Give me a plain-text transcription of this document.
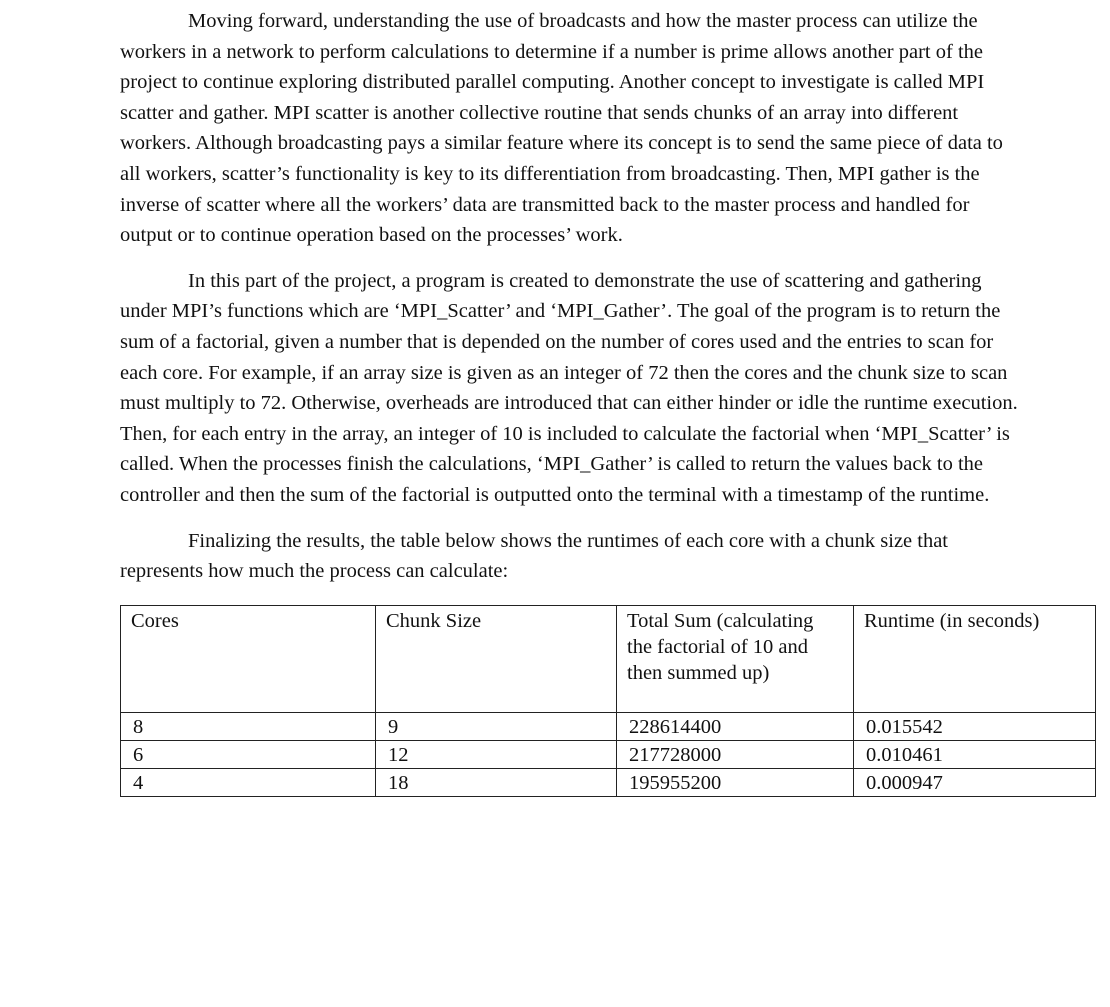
Moving forward, understanding the use of broadcasts and how the master process can utilize the workers in a network to perform calculations to determine if a number is prime allows another part of the project to continue exploring distributed parallel computing. Another concept to investigate is called MPI scatter and gather. MPI scatter is another collective routine that sends chunks of an array into different workers. Although broadcasting pays a similar feature where its concept is to send the same piece of data to all workers, scatter’s functionality is key to its differentiation from broadcasting. Then, MPI gather is the inverse of scatter where all the workers’ data are transmitted back to the master process and handled for output or to continue operation based on the processes’ work.

In this part of the project, a program is created to demonstrate the use of scattering and gathering under MPI’s functions which are ‘MPI_Scatter’ and ‘MPI_Gather’. The goal of the program is to return the sum of a factorial, given a number that is depended on the number of cores used and the entries to scan for each core. For example, if an array size is given as an integer of 72 then the cores and the chunk size to scan must multiply to 72. Otherwise, overheads are introduced that can either hinder or idle the runtime execution. Then, for each entry in the array, an integer of 10 is included to calculate the factorial when ‘MPI_Scatter’ is called. When the processes finish the calculations, ‘MPI_Gather’ is called to return the values back to the controller and then the sum of the factorial is outputted onto the terminal with a timestamp of the runtime.

Finalizing the results, the table below shows the runtimes of each core with a chunk size that represents how much the process can calculate:

Cores	Chunk Size	Total Sum (calculating the factorial of 10 and then summed up)	Runtime (in seconds)
8	9	228614400	0.015542
6	12	217728000	0.010461
4	18	195955200	0.000947
